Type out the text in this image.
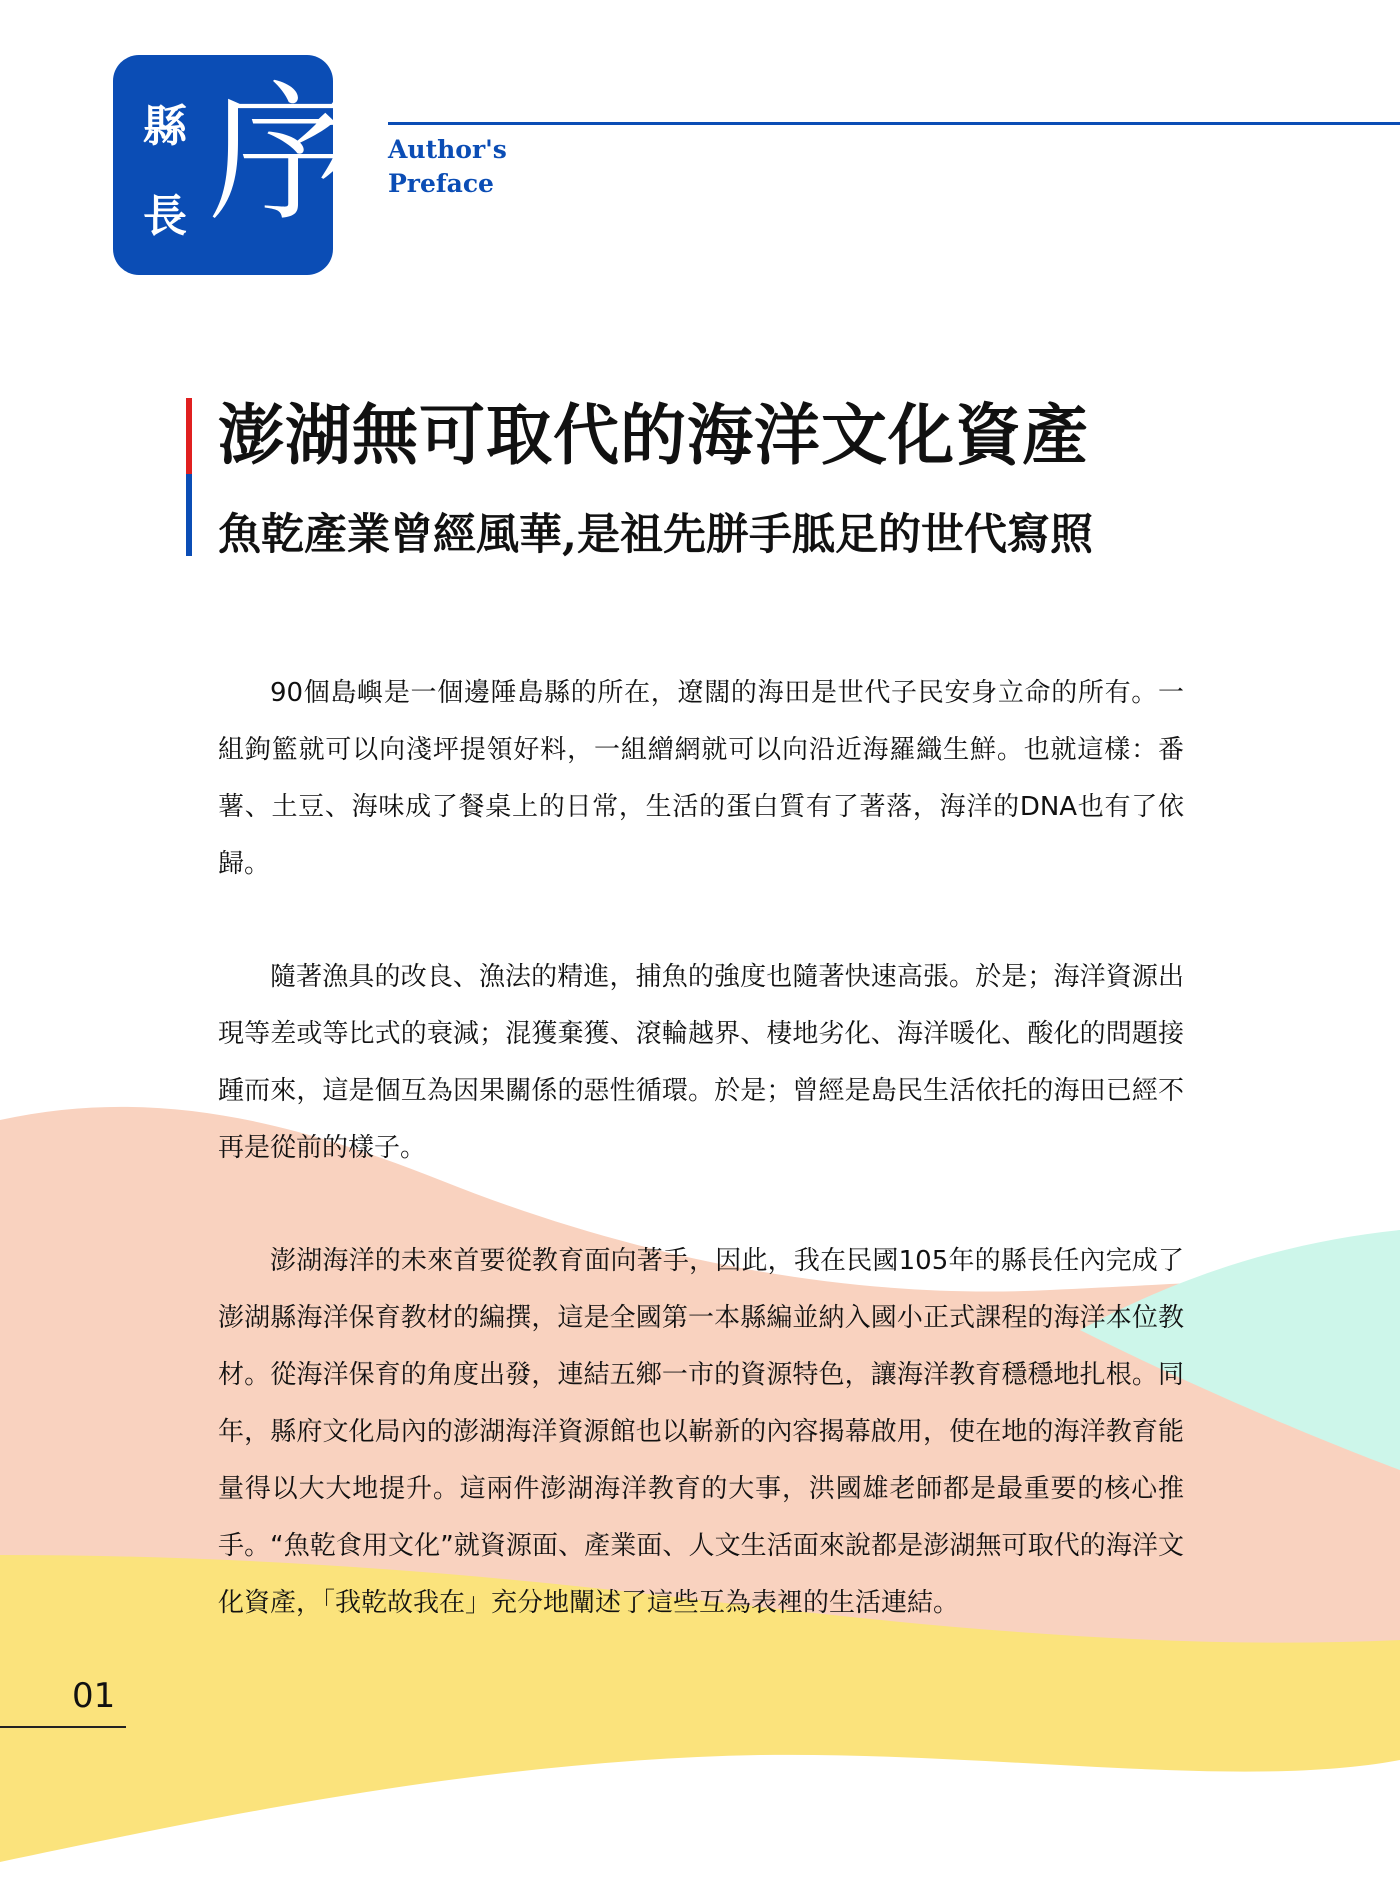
縣
長 序 Author's
Preface
澎湖無可取代的海洋文化資產
魚乾產業曾經風華,是祖先胼手胝足的世代寫照

90個島嶼是一個邊陲島縣的所在，遼闊的海田是世代子民安身立命的所有。一組鉤籃就可以向淺坪提領好料，一組繒網就可以向沿近海羅織生鮮。也就這樣：番薯、土豆、海味成了餐桌上的日常，生活的蛋白質有了著落，海洋的DNA也有了依歸。

隨著漁具的改良、漁法的精進，捕魚的強度也隨著快速高張。於是；海洋資源出現等差或等比式的衰減；混獲棄獲、滾輪越界、棲地劣化、海洋暖化、酸化的問題接踵而來，這是個互為因果關係的惡性循環。於是；曾經是島民生活依托的海田已經不再是從前的樣子。

澎湖海洋的未來首要從教育面向著手，因此，我在民國105年的縣長任內完成了澎湖縣海洋保育教材的編撰，這是全國第一本縣編並納入國小正式課程的海洋本位教材。從海洋保育的角度出發，連結五鄉一市的資源特色，讓海洋教育穩穩地扎根。同年，縣府文化局內的澎湖海洋資源館也以嶄新的內容揭幕啟用，使在地的海洋教育能量得以大大地提升。這兩件澎湖海洋教育的大事，洪國雄老師都是最重要的核心推手。“魚乾食用文化”就資源面、產業面、人文生活面來說都是澎湖無可取代的海洋文化資產，「我乾故我在」充分地闡述了這些互為表裡的生活連結。

01
